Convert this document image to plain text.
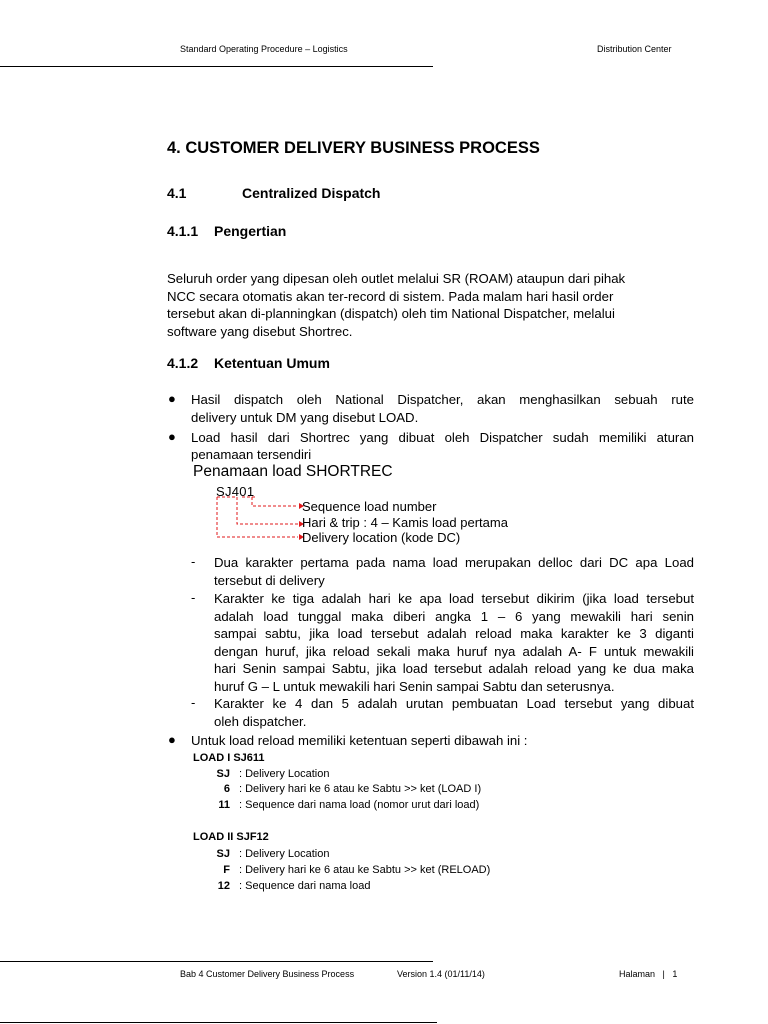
Standard Operating Procedure – Logistics	Distribution Center
4. CUSTOMER DELIVERY BUSINESS PROCESS
4.1	Centralized Dispatch
4.1.1 Pengertian
Seluruh order yang dipesan oleh outlet melalui SR (ROAM) ataupun dari pihak
NCC secara otomatis akan ter-record di sistem. Pada malam hari hasil order
tersebut akan di-planningkan (dispatch) oleh tim National Dispatcher, melalui
software yang disebut Shortrec.
4.1.2 Ketentuan Umum
● Hasil dispatch oleh National Dispatcher, akan menghasilkan sebuah rute
delivery untuk DM yang disebut LOAD.
● Load hasil dari Shortrec yang dibuat oleh Dispatcher sudah memiliki aturan
penamaan tersendiri
Penamaan load SHORTREC
SJ401
Sequence load number
Hari & trip : 4 – Kamis load pertama
Delivery location (kode DC)
- Dua karakter pertama pada nama load merupakan delloc dari DC apa Load
tersebut di delivery
- Karakter ke tiga adalah hari ke apa load tersebut dikirim (jika load tersebut
adalah load tunggal maka diberi angka 1 – 6 yang mewakili hari senin
sampai sabtu, jika load tersebut adalah reload maka karakter ke 3 diganti
dengan huruf, jika reload sekali maka huruf nya adalah A- F untuk mewakili
hari Senin sampai Sabtu, jika load tersebut adalah reload yang ke dua maka
huruf G – L untuk mewakili hari Senin sampai Sabtu dan seterusnya.
- Karakter ke 4 dan 5 adalah urutan pembuatan Load tersebut yang dibuat
oleh dispatcher.
● Untuk load reload memiliki ketentuan seperti dibawah ini :
LOAD I SJ611
SJ : Delivery Location
6 : Delivery hari ke 6 atau ke Sabtu >> ket (LOAD I)
11 : Sequence dari nama load (nomor urut dari load)
LOAD II SJF12
SJ : Delivery Location
F : Delivery hari ke 6 atau ke Sabtu >> ket (RELOAD)
12 : Sequence dari nama load
Bab 4 Customer Delivery Business Process	Version 1.4 (01/11/14)	Halaman   |   1
